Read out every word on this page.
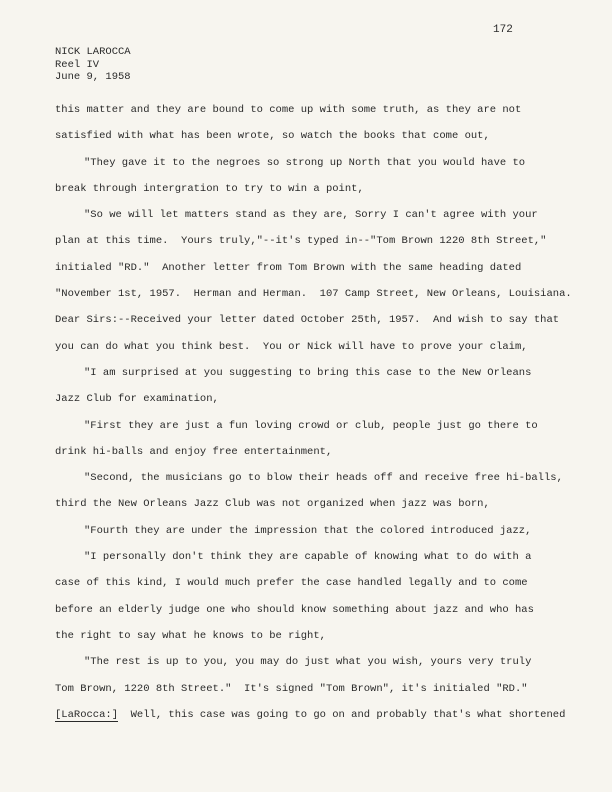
172
NICK LAROCCA
Reel IV
June 9, 1958
this matter and they are bound to come up with some truth, as they are not
satisfied with what has been wrote, so watch the books that come out,
"They gave it to the negroes so strong up North that you would have to
break through intergration to try to win a point,
"So we will let matters stand as they are, Sorry I can't agree with your
plan at this time.  Yours truly,"--it's typed in--"Tom Brown 1220 8th Street,"
initialed "RD."  Another letter from Tom Brown with the same heading dated
"November 1st, 1957.  Herman and Herman.  107 Camp Street, New Orleans, Louisiana.
Dear Sirs:--Received your letter dated October 25th, 1957.  And wish to say that
you can do what you think best.  You or Nick will have to prove your claim,
"I am surprised at you suggesting to bring this case to the New Orleans
Jazz Club for examination,
"First they are just a fun loving crowd or club, people just go there to
drink hi-balls and enjoy free entertainment,
"Second, the musicians go to blow their heads off and receive free hi-balls,
third the New Orleans Jazz Club was not organized when jazz was born,
"Fourth they are under the impression that the colored introduced jazz,
"I personally don't think they are capable of knowing what to do with a
case of this kind, I would much prefer the case handled legally and to come
before an elderly judge one who should know something about jazz and who has
the right to say what he knows to be right,
"The rest is up to you, you may do just what you wish, yours very truly
Tom Brown, 1220 8th Street."  It's signed "Tom Brown", it's initialed "RD."
[LaRocca:]  Well, this case was going to go on and probably that's what shortened
